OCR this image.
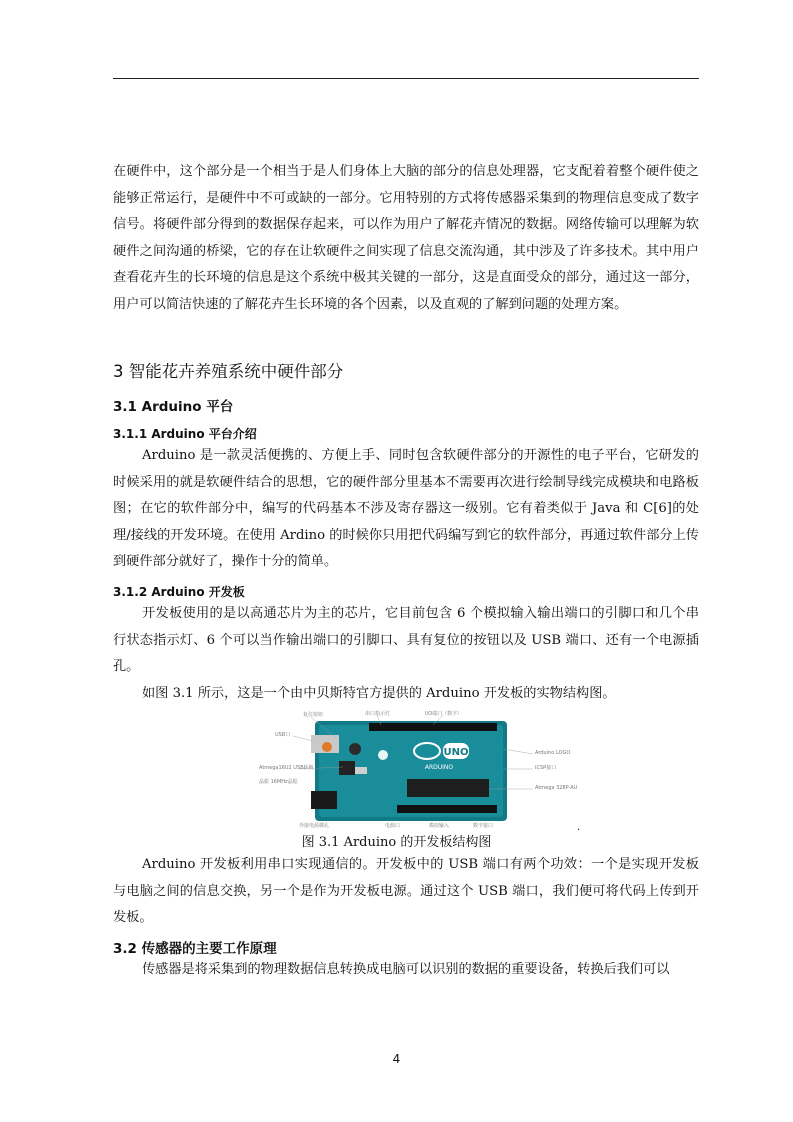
在硬件中，这个部分是一个相当于是人们身体上大脑的部分的信息处理器，它支配着着整个硬件使之能够正常运行，是硬件中不可或缺的一部分。它用特别的方式将传感器采集到的物理信息变成了数字信号。将硬件部分得到的数据保存起来，可以作为用户了解花卉情况的数据。网络传输可以理解为软硬件之间沟通的桥梁，它的存在让软硬件之间实现了信息交流沟通，其中涉及了许多技术。其中用户查看花卉生的长环境的信息是这个系统中极其关键的一部分，这是直面受众的部分，通过这一部分，用户可以简洁快速的了解花卉生长环境的各个因素，以及直观的了解到问题的处理方案。

3 智能花卉养殖系统中硬件部分
3.1 Arduino 平台
3.1.1 Arduino 平台介绍

Arduino 是一款灵活便携的、方便上手、同时包含软硬件部分的开源性的电子平台，它研发的时候采用的就是软硬件结合的思想，它的硬件部分里基本不需要再次进行绘制导线完成模块和电路板图；在它的软件部分中，编写的代码基本不涉及寄存器这一级别。它有着类似于 Java 和 C[6]的处理/接线的开发环境。在使用 Ardino 的时候你只用把代码编写到它的软件部分，再通过软件部分上传到硬件部分就好了，操作十分的简单。

3.1.2 Arduino 开发板

开发板使用的是以高通芯片为主的芯片，它目前包含 6 个模拟输入输出端口的引脚口和几个串行状态指示灯、6 个可以当作输出端口的引脚口、具有复位的按钮以及 USB 端口、还有一个电源插孔。

如图 3.1 所示，这是一个由中贝斯特官方提供的 Arduino 开发板的实物结构图。

UNO
ARDUINO
复位按钮	串口指示灯	I/O端口（数字）
USB口
Atmega16U2 USB转换
Arduino LOGO
ICSP接口
晶振 16MHz晶振
Atmega 328P-AU
外接电源插孔	电源口	模拟输入	数字接口	.
图 3.1 Arduino 的开发板结构图

Arduino 开发板利用串口实现通信的。开发板中的 USB 端口有两个功效：一个是实现开发板与电脑之间的信息交换，另一个是作为开发板电源。通过这个 USB 端口，我们便可将代码上传到开发板。

3.2 传感器的主要工作原理

传感器是将采集到的物理数据信息转换成电脑可以识别的数据的重要设备，转换后我们可以

4
